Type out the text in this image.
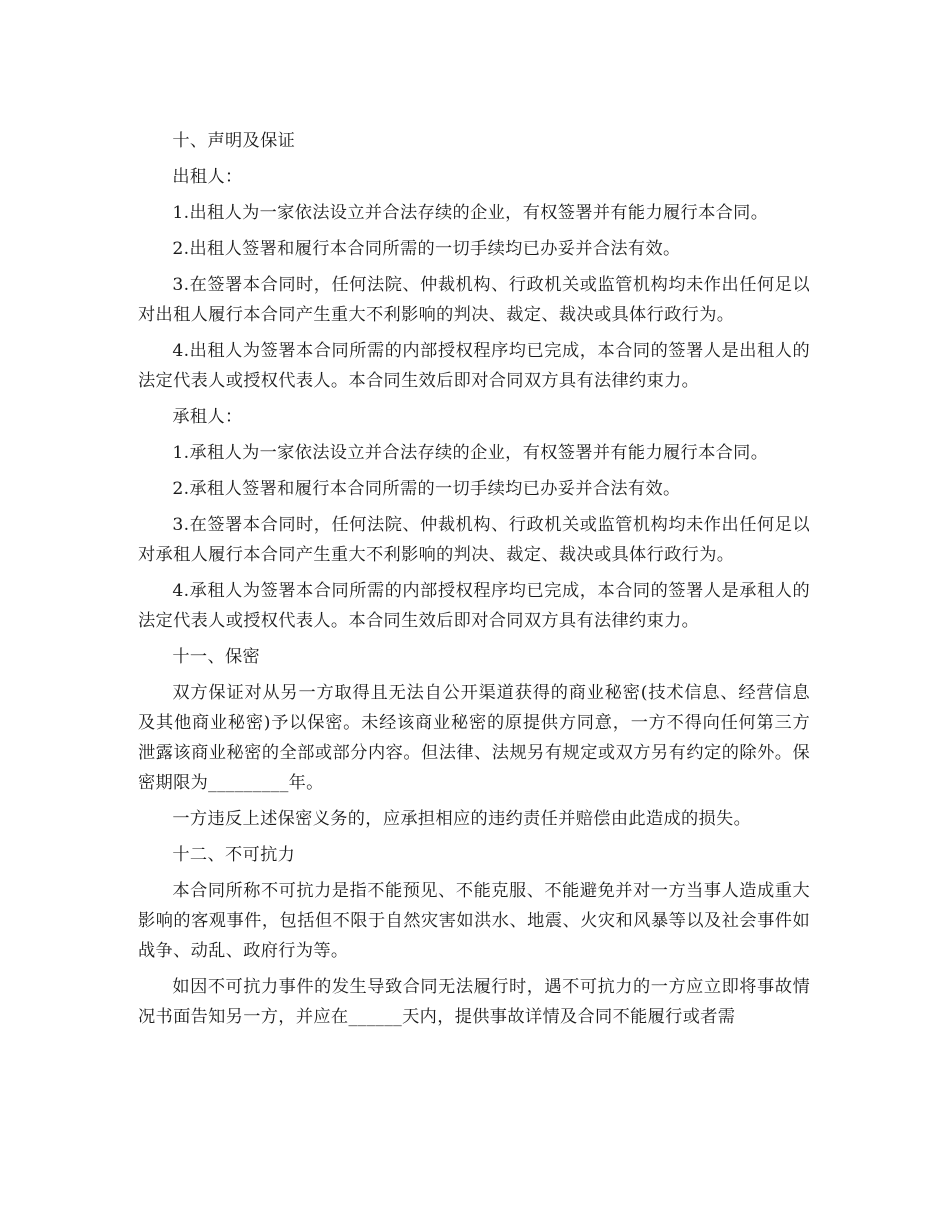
十、声明及保证

出租人：

1.出租人为一家依法设立并合法存续的企业，有权签署并有能力履行本合同。

2.出租人签署和履行本合同所需的一切手续均已办妥并合法有效。

3.在签署本合同时，任何法院、仲裁机构、行政机关或监管机构均未作出任何足以对出租人履行本合同产生重大不利影响的判决、裁定、裁决或具体行政行为。

4.出租人为签署本合同所需的内部授权程序均已完成，本合同的签署人是出租人的法定代表人或授权代表人。本合同生效后即对合同双方具有法律约束力。

承租人：

1.承租人为一家依法设立并合法存续的企业，有权签署并有能力履行本合同。

2.承租人签署和履行本合同所需的一切手续均已办妥并合法有效。

3.在签署本合同时，任何法院、仲裁机构、行政机关或监管机构均未作出任何足以对承租人履行本合同产生重大不利影响的判决、裁定、裁决或具体行政行为。

4.承租人为签署本合同所需的内部授权程序均已完成，本合同的签署人是承租人的法定代表人或授权代表人。本合同生效后即对合同双方具有法律约束力。

十一、保密

双方保证对从另一方取得且无法自公开渠道获得的商业秘密(技术信息、经营信息及其他商业秘密)予以保密。未经该商业秘密的原提供方同意，一方不得向任何第三方泄露该商业秘密的全部或部分内容。但法律、法规另有规定或双方另有约定的除外。保密期限为_________年。

一方违反上述保密义务的，应承担相应的违约责任并赔偿由此造成的损失。

十二、不可抗力

本合同所称不可抗力是指不能预见、不能克服、不能避免并对一方当事人造成重大影响的客观事件，包括但不限于自然灾害如洪水、地震、火灾和风暴等以及社会事件如战争、动乱、政府行为等。

如因不可抗力事件的发生导致合同无法履行时，遇不可抗力的一方应立即将事故情况书面告知另一方，并应在______天内，提供事故详情及合同不能履行或者需
